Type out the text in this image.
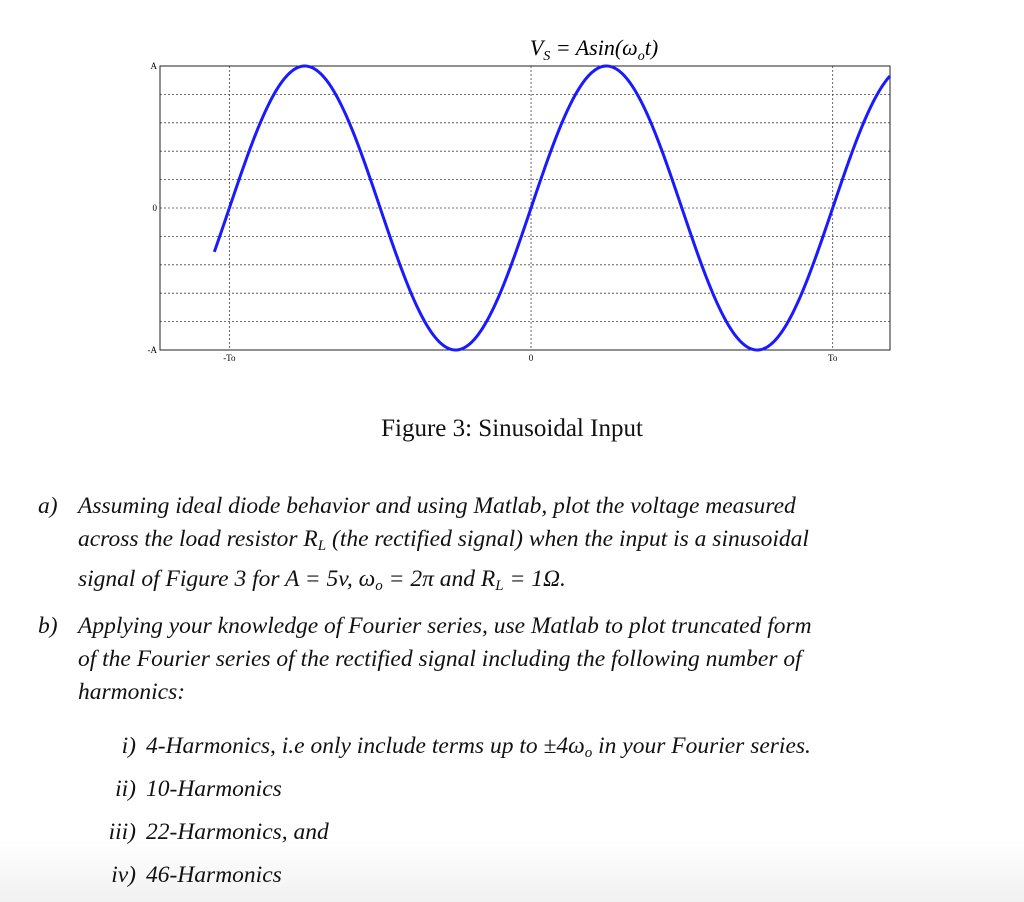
$V_S = Asin(\omega_ot)$
A
0
-A
-To	0	To
Figure 3: Sinusoidal Input
a) Assuming ideal diode behavior and using Matlab, plot the voltage measured
across the load resistor $R_L$ (the rectified signal) when the input is a sinusoidal
signal of Figure 3 for A = 5v, $\omega_o = 2\pi$ and $R_L = 1\Omega$.
b) Applying your knowledge of Fourier series, use Matlab to plot truncated form
of the Fourier series of the rectified signal including the following number of
harmonics:
i) 4-Harmonics, i.e only include terms up to $\pm 4\omega_o$ in your Fourier series.
ii) 10-Harmonics
iii) 22-Harmonics, and
iv) 46-Harmonics
